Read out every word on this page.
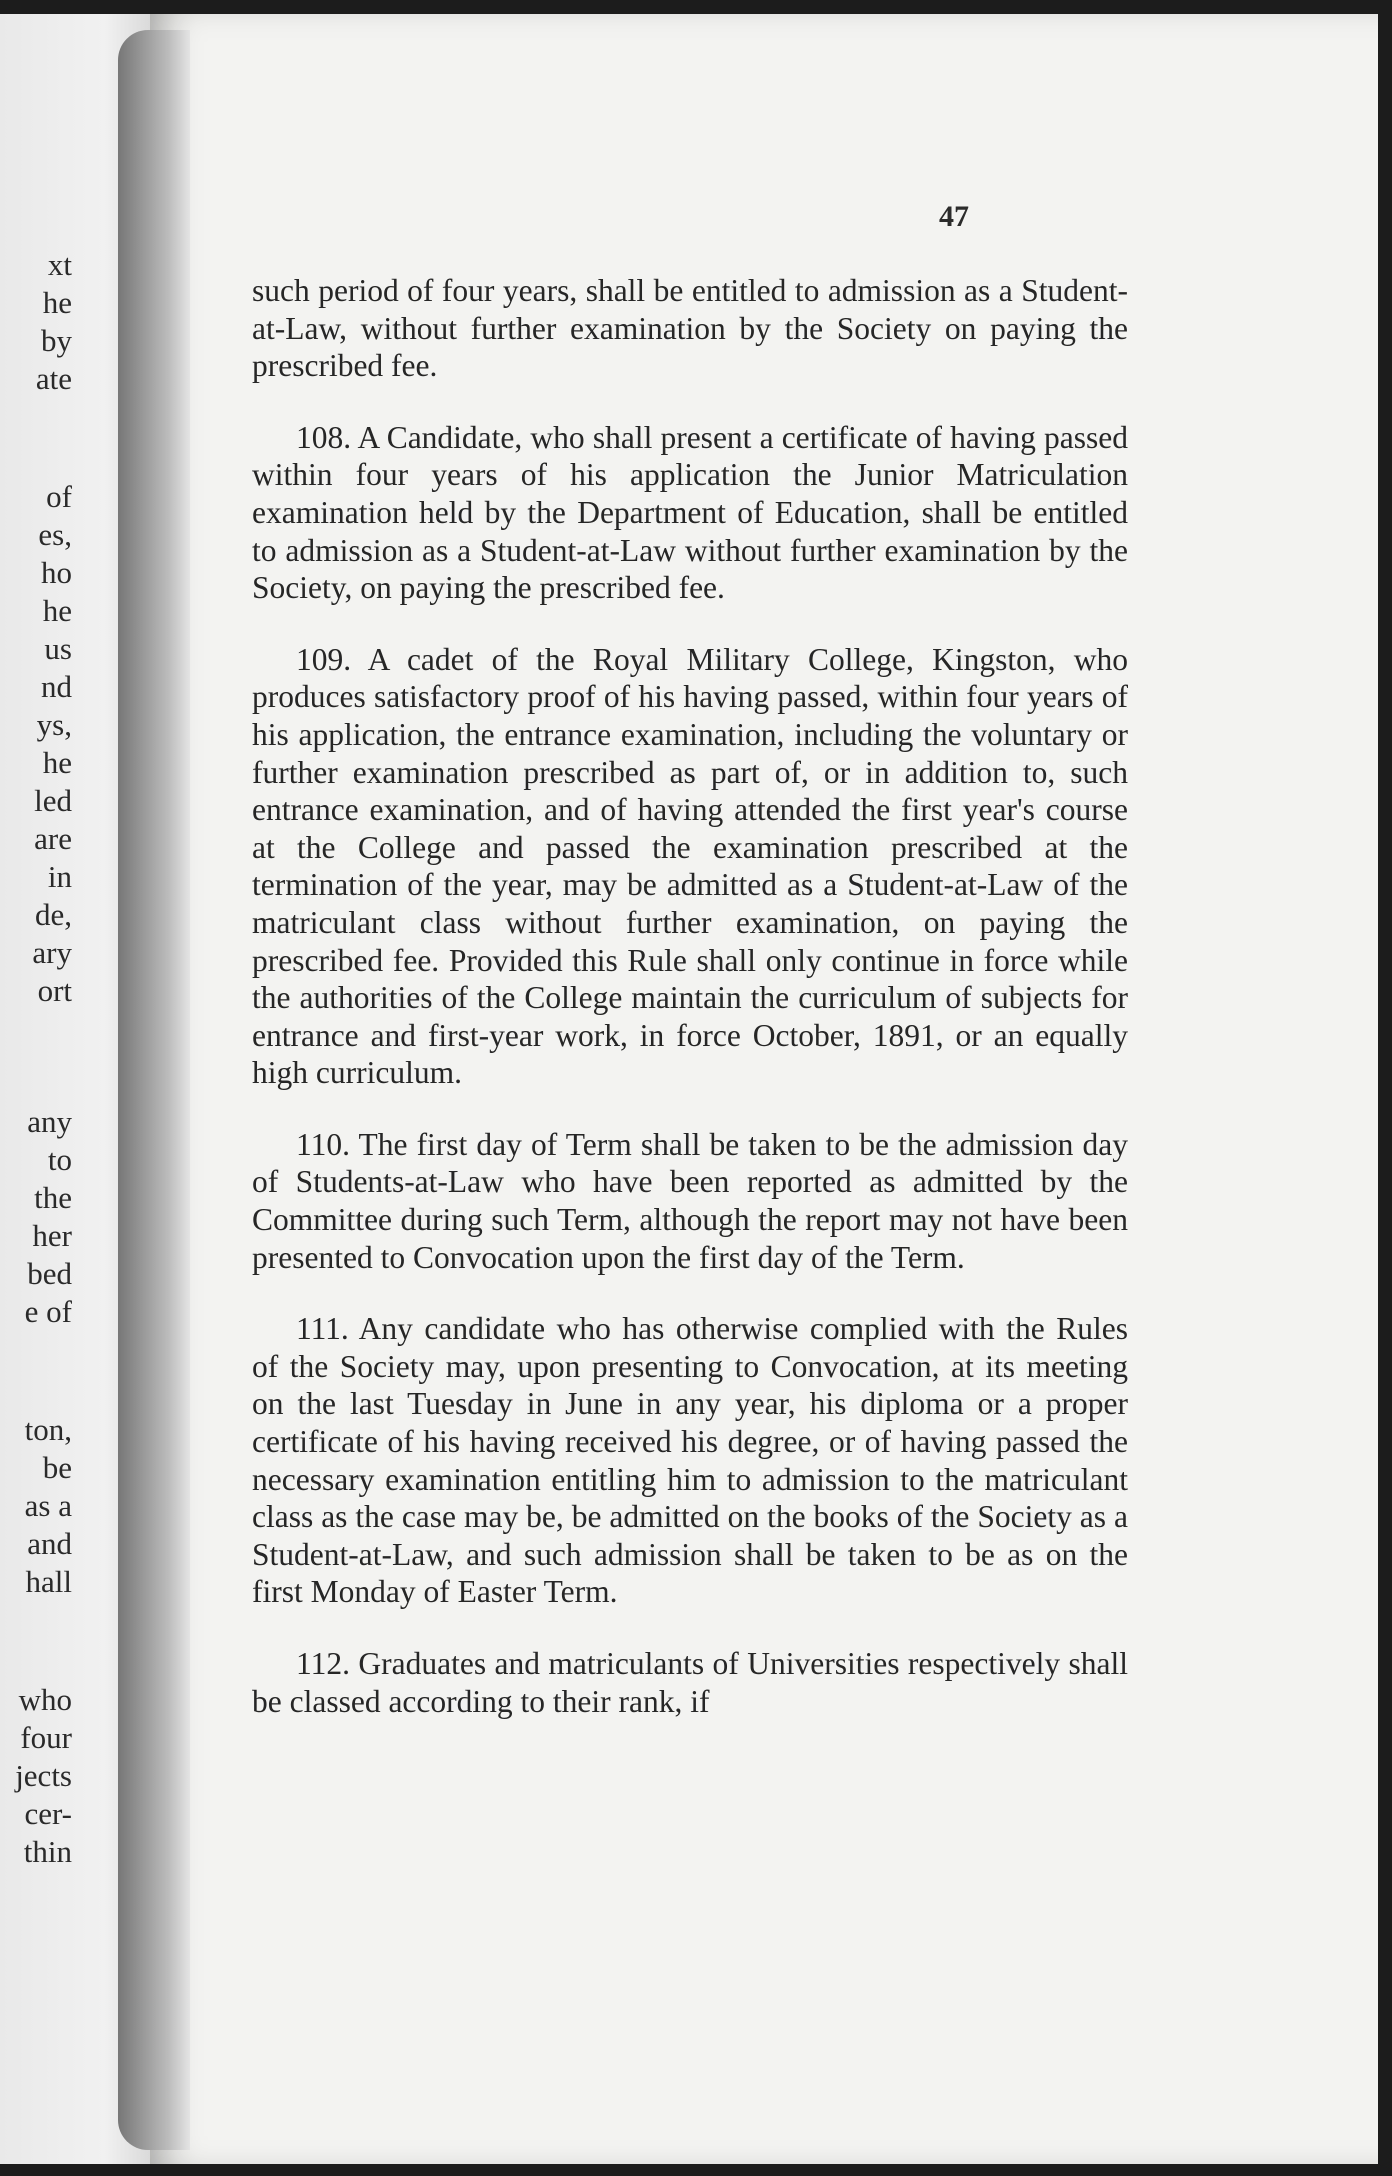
xt
he
by
ate
of
es,
ho
he
us
nd
ys,
he
led
are
in
de,
ary
ort
any
to
the
her
bed
e of
ton,
be
as a
and
hall
who
four
jects
cer-
thin
47

such period of four years, shall be entitled to admission as a Student-at-Law, without further examination by the Society on paying the prescribed fee.

108. A Candidate, who shall present a certificate of having passed within four years of his application the Junior Matriculation examination held by the Department of Education, shall be entitled to admission as a Student-at-Law without further examination by the Society, on paying the prescribed fee.

109. A cadet of the Royal Military College, Kingston, who produces satisfactory proof of his having passed, within four years of his application, the entrance examination, including the voluntary or further examination prescribed as part of, or in addition to, such entrance examination, and of having attended the first year's course at the College and passed the examination prescribed at the termination of the year, may be admitted as a Student-at-Law of the matriculant class without further examination, on paying the prescribed fee. Provided this Rule shall only continue in force while the authorities of the College maintain the curriculum of subjects for entrance and first-year work, in force October, 1891, or an equally high curriculum.

110. The first day of Term shall be taken to be the admission day of Students-at-Law who have been reported as admitted by the Committee during such Term, although the report may not have been presented to Convocation upon the first day of the Term.

111. Any candidate who has otherwise complied with the Rules of the Society may, upon presenting to Convocation, at its meeting on the last Tuesday in June in any year, his diploma or a proper certificate of his having received his degree, or of having passed the necessary examination entitling him to admission to the matriculant class as the case may be, be admitted on the books of the Society as a Student-at-Law, and such admission shall be taken to be as on the first Monday of Easter Term.

112. Graduates and matriculants of Universities respectively shall be classed according to their rank, if
